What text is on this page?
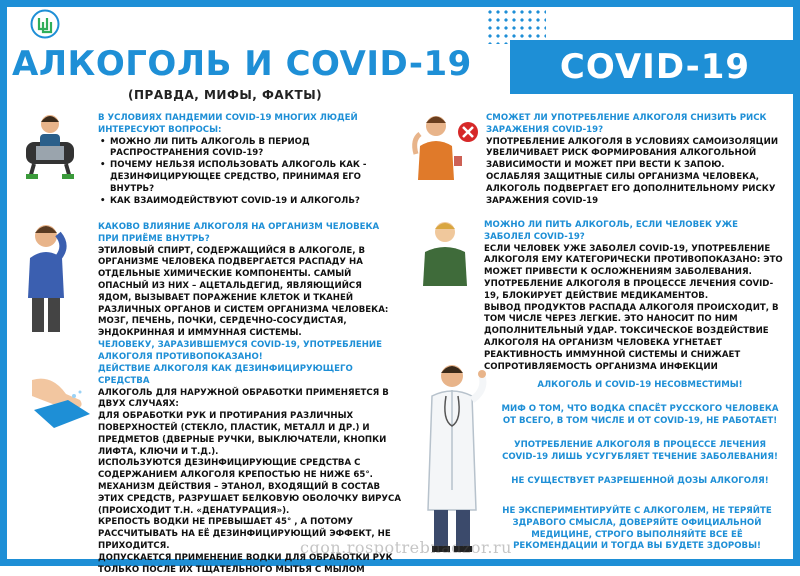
АЛКОГОЛЬ И COVID-19
(ПРАВДА, МИФЫ, ФАКТЫ)
COVID-19
В УСЛОВИЯХ ПАНДЕМИИ COVID-19 МНОГИХ ЛЮДЕЙ ИНТЕРЕСУЮТ ВОПРОСЫ:
• МОЖНО ЛИ ПИТЬ АЛКОГОЛЬ В ПЕРИОД РАСПРОСТРАНЕНИЯ COVID-19?
• ПОЧЕМУ НЕЛЬЗЯ ИСПОЛЬЗОВАТЬ АЛКОГОЛЬ КАК - ДЕЗИНФИЦИРУЮЩЕЕ СРЕДСТВО, ПРИНИМАЯ ЕГО ВНУТРЬ?
• КАК ВЗАИМОДЕЙСТВУЮТ COVID-19 И АЛКОГОЛЬ?
КАКОВО ВЛИЯНИЕ АЛКОГОЛЯ НА ОРГАНИЗМ ЧЕЛОВЕКА ПРИ ПРИЁМЕ ВНУТРЬ?
ЭТИЛОВЫЙ СПИРТ, СОДЕРЖАЩИЙСЯ В АЛКОГОЛЕ, В ОРГАНИЗМЕ ЧЕЛОВЕКА ПОДВЕРГАЕТСЯ РАСПАДУ НА ОТДЕЛЬНЫЕ ХИМИЧЕСКИЕ КОМПОНЕНТЫ. САМЫЙ ОПАСНЫЙ ИЗ НИХ – АЦЕТАЛЬДЕГИД, ЯВЛЯЮЩИЙСЯ ЯДОМ, ВЫЗЫВАЕТ ПОРАЖЕНИЕ КЛЕТОК И ТКАНЕЙ РАЗЛИЧНЫХ ОРГАНОВ И СИСТЕМ ОРГАНИЗМА ЧЕЛОВЕКА: МОЗГ, ПЕЧЕНЬ, ПОЧКИ, СЕРДЕЧНО-СОСУДИСТАЯ, ЭНДОКРИННАЯ И ИММУННАЯ СИСТЕМЫ.
ЧЕЛОВЕКУ, ЗАРАЗИВШЕМУСЯ COVID-19, УПОТРЕБЛЕНИЕ АЛКОГОЛЯ ПРОТИВОПОКАЗАНО!
ДЕЙСТВИЕ АЛКОГОЛЯ КАК ДЕЗИНФИЦИРУЮЩЕГО СРЕДСТВА
АЛКОГОЛЬ ДЛЯ НАРУЖНОЙ ОБРАБОТКИ ПРИМЕНЯЕТСЯ В ДВУХ СЛУЧАЯХ:
ДЛЯ ОБРАБОТКИ РУК И ПРОТИРАНИЯ РАЗЛИЧНЫХ ПОВЕРХНОСТЕЙ (СТЕКЛО, ПЛАСТИК, МЕТАЛЛ И ДР.) И ПРЕДМЕТОВ (ДВЕРНЫЕ РУЧКИ, ВЫКЛЮЧАТЕЛИ, КНОПКИ ЛИФТА, КЛЮЧИ И Т.Д.).
ИСПОЛЬЗУЮТСЯ ДЕЗИНФИЦИРУЮЩИЕ СРЕДСТВА С СОДЕРЖАНИЕМ АЛКОГОЛЯ КРЕПОСТЬЮ НЕ НИЖЕ 65°.
МЕХАНИЗМ ДЕЙСТВИЯ – ЭТАНОЛ, ВХОДЯЩИЙ В СОСТАВ ЭТИХ СРЕДСТВ, РАЗРУШАЕТ БЕЛКОВУЮ ОБОЛОЧКУ ВИРУСА (ПРОИСХОДИТ Т.Н. «ДЕНАТУРАЦИЯ»).
КРЕПОСТЬ ВОДКИ НЕ ПРЕВЫШАЕТ 45° , А ПОТОМУ РАССЧИТЫВАТЬ НА ЕЁ ДЕЗИНФИЦИРУЮЩИЙ ЭФФЕКТ, НЕ ПРИХОДИТСЯ.
ДОПУСКАЕТСЯ ПРИМЕНЕНИЕ ВОДКИ ДЛЯ ОБРАБОТКИ РУК ТОЛЬКО ПОСЛЕ ИХ ТЩАТЕЛЬНОГО МЫТЬЯ С МЫЛОМ
СМОЖЕТ ЛИ УПОТРЕБЛЕНИЕ АЛКОГОЛЯ СНИЗИТЬ РИСК ЗАРАЖЕНИЯ COVID-19?
УПОТРЕБЛЕНИЕ АЛКОГОЛЯ В УСЛОВИЯХ САМОИЗОЛЯЦИИ УВЕЛИЧИВАЕТ РИСК ФОРМИРОВАНИЯ АЛКОГОЛЬНОЙ ЗАВИСИМОСТИ И МОЖЕТ ПРИ ВЕСТИ К ЗАПОЮ. ОСЛАБЛЯЯ ЗАЩИТНЫЕ СИЛЫ ОРГАНИЗМА ЧЕЛОВЕКА, АЛКОГОЛЬ ПОДВЕРГАЕТ ЕГО ДОПОЛНИТЕЛЬНОМУ РИСКУ ЗАРАЖЕНИЯ COVID-19
МОЖНО ЛИ ПИТЬ АЛКОГОЛЬ, ЕСЛИ ЧЕЛОВЕК УЖЕ ЗАБОЛЕЛ COVID-19?
ЕСЛИ ЧЕЛОВЕК УЖЕ ЗАБОЛЕЛ COVID-19, УПОТРЕБЛЕНИЕ АЛКОГОЛЯ ЕМУ КАТЕГОРИЧЕСКИ ПРОТИВОПОКАЗАНО: ЭТО МОЖЕТ ПРИВЕСТИ К ОСЛОЖНЕНИЯМ ЗАБОЛЕВАНИЯ.
УПОТРЕБЛЕНИЕ АЛКОГОЛЯ В ПРОЦЕССЕ ЛЕЧЕНИЯ COVID-19, БЛОКИРУЕТ ДЕЙСТВИЕ МЕДИКАМЕНТОВ.
ВЫВОД ПРОДУКТОВ РАСПАДА АЛКОГОЛЯ ПРОИСХОДИТ, В ТОМ ЧИСЛЕ ЧЕРЕЗ ЛЕГКИЕ. ЭТО НАНОСИТ ПО НИМ ДОПОЛНИТЕЛЬНЫЙ УДАР. ТОКСИЧЕСКОЕ ВОЗДЕЙСТВИЕ АЛКОГОЛЯ НА ОРГАНИЗМ ЧЕЛОВЕКА УГНЕТАЕТ РЕАКТИВНОСТЬ ИММУННОЙ СИСТЕМЫ И СНИЖАЕТ СОПРОТИВЛЯЕМОСТЬ ОРГАНИЗМА ИНФЕКЦИИ
АЛКОГОЛЬ И COVID-19 НЕСОВМЕСТИМЫ!
МИФ О ТОМ, ЧТО ВОДКА СПАСЁТ РУССКОГО ЧЕЛОВЕКА ОТ ВСЕГО, В ТОМ ЧИСЛЕ И ОТ COVID-19, НЕ РАБОТАЕТ!
УПОТРЕБЛЕНИЕ АЛКОГОЛЯ В ПРОЦЕССЕ ЛЕЧЕНИЯ COVID-19 ЛИШЬ УСУГУБЛЯЕТ ТЕЧЕНИЕ ЗАБОЛЕВАНИЯ!
НЕ СУЩЕСТВУЕТ РАЗРЕШЕННОЙ ДОЗЫ АЛКОГОЛЯ!
НЕ ЭКСПЕРИМЕНТИРУЙТЕ С АЛКОГОЛЕМ, НЕ ТЕРЯЙТЕ ЗДРАВОГО СМЫСЛА, ДОВЕРЯЙТЕ ОФИЦИАЛЬНОЙ МЕДИЦИНЕ, СТРОГО ВЫПОЛНЯЙТЕ ВСЕ ЕЁ РЕКОМЕНДАЦИИ И ТОГДА ВЫ БУДЕТЕ ЗДОРОВЫ!
cgon.rospotrebnadzor.ru
